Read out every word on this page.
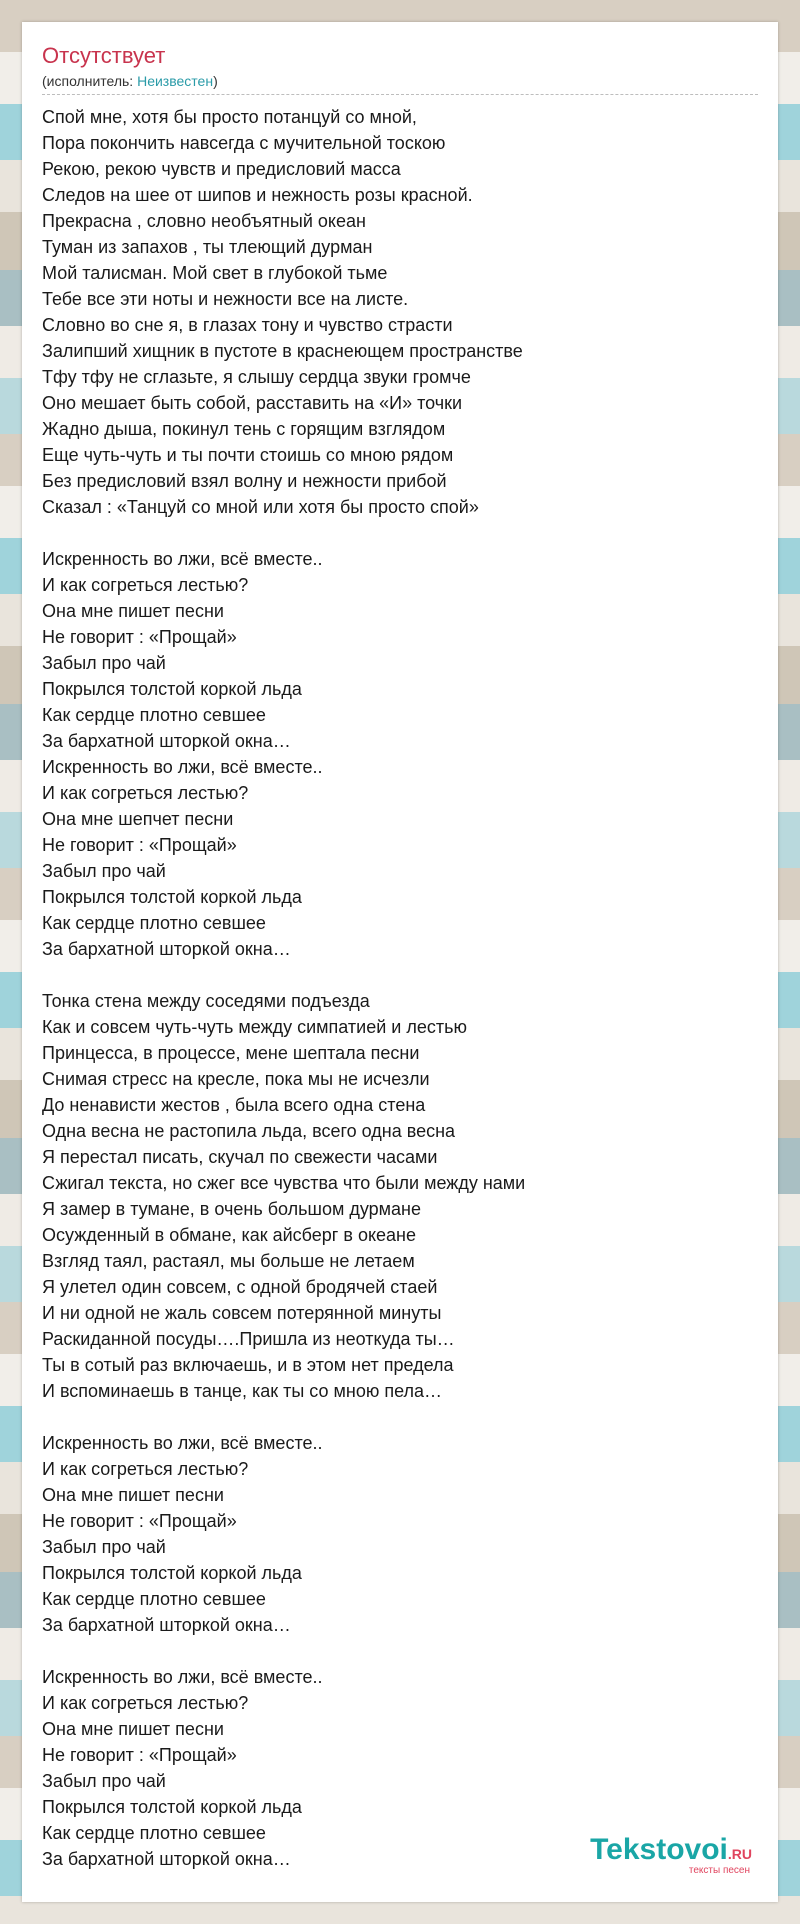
Отсутствует
(исполнитель: Неизвестен)
Спой мне, хотя бы просто потанцуй со мной,
Пора покончить навсегда с мучительной тоскою
Рекою, рекою чувств и предисловий масса
Следов на шее от шипов и нежность розы красной.
Прекрасна , словно необъятный океан
Туман из запахов , ты тлеющий дурман
Мой талисман. Мой свет в глубокой тьме
Тебе все эти ноты и нежности все на листе.
Словно во сне я, в глазах тону и чувство страсти
Залипший хищник в пустоте в краснеющем пространстве
Тфу тфу не сглазьте, я слышу сердца звуки громче
Оно мешает быть собой, расставить на «И» точки
Жадно дыша, покинул тень с горящим взглядом
Еще чуть-чуть и ты почти стоишь со мною рядом
Без предисловий взял волну и нежности прибой
Сказал : «Танцуй со мной или хотя бы просто спой»
Искренность во лжи, всё вместе..
И как согреться лестью?
Она мне пишет песни
Не говорит : «Прощай»
Забыл про чай
Покрылся толстой коркой льда
Как сердце плотно севшее
За бархатной шторкой окна…
Искренность во лжи, всё вместе..
И как согреться лестью?
Она мне шепчет песни
Не говорит : «Прощай»
Забыл про чай
Покрылся толстой коркой льда
Как сердце плотно севшее
За бархатной шторкой окна…
Тонка стена между соседями подъезда
Как и совсем чуть-чуть между симпатией и лестью
Принцесса, в процессе, мене шептала песни
Снимая стресс на кресле, пока мы не исчезли
До ненависти жестов , была всего одна стена
Одна весна не растопила льда, всего одна весна
Я перестал писать, скучал по свежести часами
Сжигал текста, но сжег все чувства что были между нами
Я замер в тумане, в очень большом дурмане
Осужденный в обмане, как айсберг в океане
Взгляд таял, растаял, мы больше не летаем
Я улетел один совсем, с одной бродячей стаей
И ни одной не жаль совсем потерянной минуты
Раскиданной посуды….Пришла из неоткуда ты…
Ты в сотый раз включаешь, и в этом нет предела
И вспоминаешь в танце, как ты со мною пела…
Искренность во лжи, всё вместе..
И как согреться лестью?
Она мне пишет песни
Не говорит : «Прощай»
Забыл про чай
Покрылся толстой коркой льда
Как сердце плотно севшее
За бархатной шторкой окна…
Искренность во лжи, всё вместе..
И как согреться лестью?
Она мне пишет песни
Не говорит : «Прощай»
Забыл про чай
Покрылся толстой коркой льда
Как сердце плотно севшее
За бархатной шторкой окна…	Tekstovoi.RU
тексты песен
